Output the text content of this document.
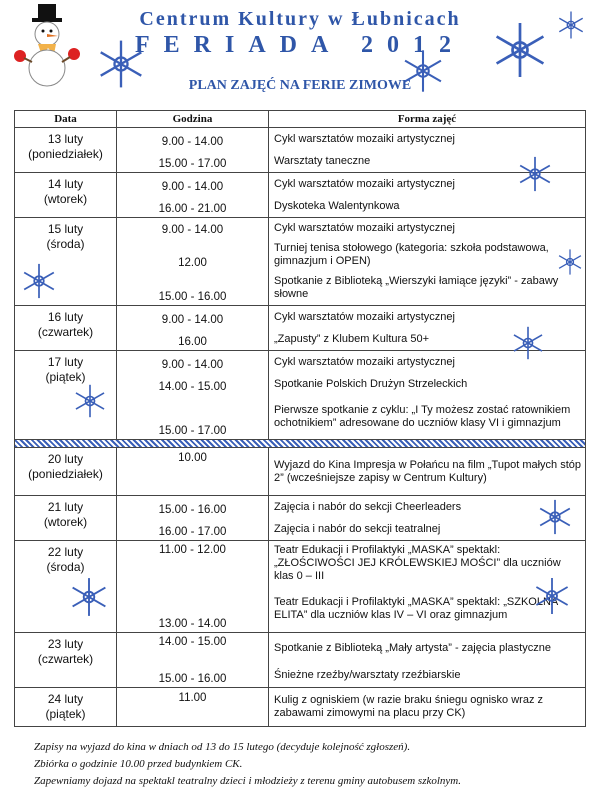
Centrum Kultury w Łubnicach
FERIADA 2012
PLAN ZAJĘĆ NA FERIE ZIMOWE
Data	Godzina	Forma zajęć
13 luty
(poniedziałek)
9.00 - 14.00	Cykl warsztatów mozaiki artystycznej
15.00 - 17.00	Warsztaty taneczne
14 luty
(wtorek)
9.00 - 14.00	Cykl warsztatów mozaiki artystycznej
16.00 - 21.00	Dyskoteka Walentynkowa
15 luty
(środa)
9.00 - 14.00	Cykl warsztatów mozaiki artystycznej
12.00
Turniej tenisa stołowego (kategoria: szkoła podstawowa, gimnazjum i OPEN)
15.00 - 16.00
Spotkanie z Biblioteką „Wierszyki łamiące języki” - zabawy słowne
16 luty
(czwartek)
9.00 - 14.00	Cykl warsztatów mozaiki artystycznej
16.00	„Zapusty” z Klubem Kultura 50+
17 luty
(piątek)
9.00 - 14.00	Cykl warsztatów mozaiki artystycznej
14.00 - 15.00	Spotkanie Polskich Drużyn Strzeleckich
15.00 - 17.00
Pierwsze spotkanie z cyklu: „I Ty możesz zostać ratownikiem ochotnikiem” adresowane do uczniów klasy VI i gimnazjum
20 luty
(poniedziałek)
10.00
Wyjazd do Kina Impresja w Połańcu na film „Tupot małych stóp 2” (wcześniejsze zapisy w Centrum Kultury)
21 luty
(wtorek)
15.00 - 16.00	Zajęcia i nabór do sekcji Cheerleaders
16.00 - 17.00	Zajęcia i nabór do sekcji teatralnej
22 luty
(środa)
11.00 - 12.00	Teatr Edukacji i Profilaktyki „MASKA” spektakl: „ZŁOŚCIWOŚCI JEJ KRÓLEWSKIEJ MOŚCI” dla uczniów klas 0 – III
13.00 - 14.00
Teatr Edukacji i Profilaktyki „MASKA” spektakl: „SZKOLNA ELITA” dla uczniów klas IV – VI oraz gimnazjum
23 luty
(czwartek)
14.00 - 15.00	Spotkanie z Biblioteką „Mały artysta” - zajęcia plastyczne
15.00 - 16.00	Śnieżne rzeźby/warsztaty rzeźbiarskie
24 luty
(piątek)
11.00	Kulig z ogniskiem (w razie braku śniegu ognisko wraz z zabawami zimowymi na placu przy CK)
Zapisy na wyjazd do kina w dniach od 13 do 15 lutego (decyduje kolejność zgłoszeń).
Zbiórka o godzinie 10.00 przed budynkiem CK.
Zapewniamy dojazd na spektakl teatralny dzieci i młodzieży z terenu gminy autobusem szkolnym.
